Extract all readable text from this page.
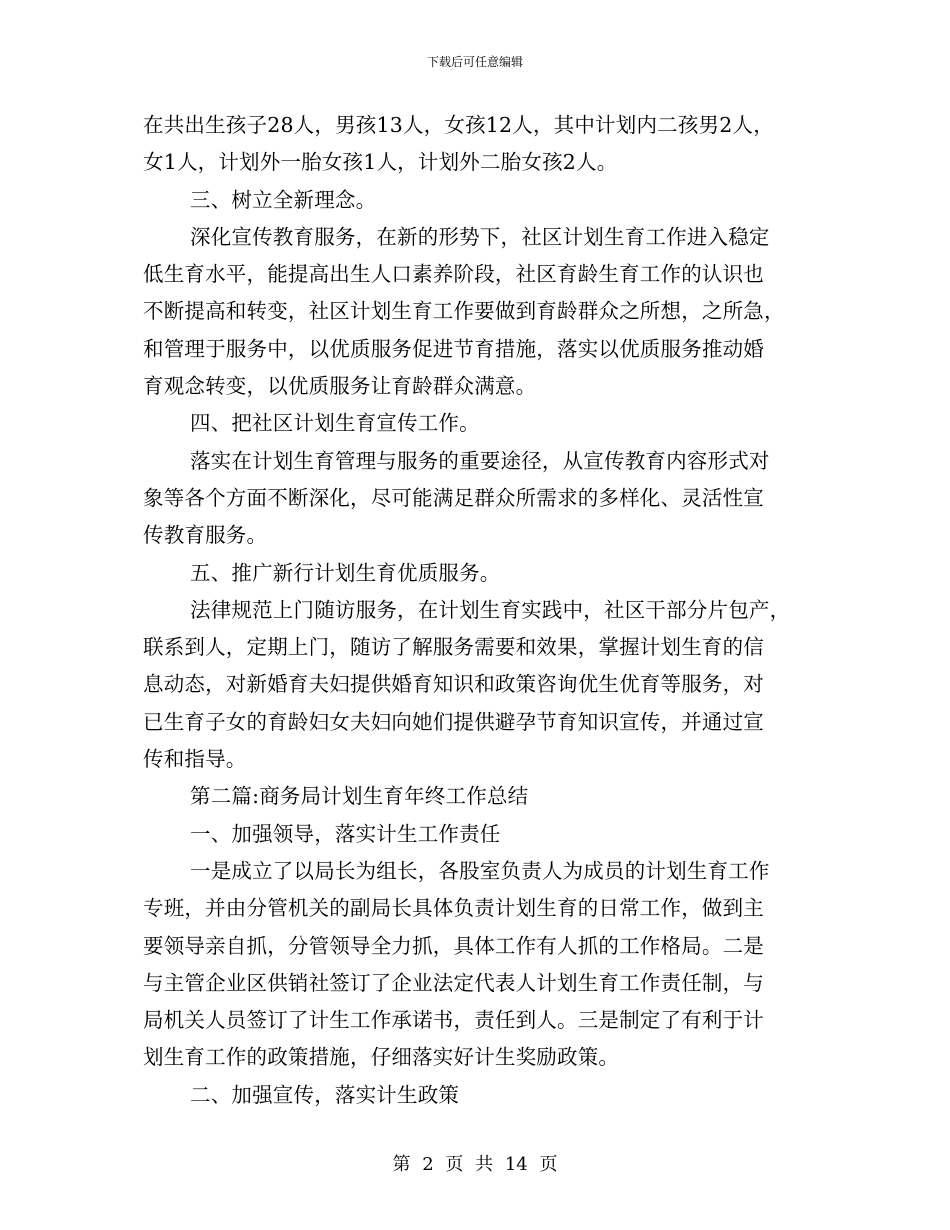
下载后可任意编辑

在共出生孩子28人，男孩13人，女孩12人，其中计划内二孩男2人，

女1人，计划外一胎女孩1人，计划外二胎女孩2人。

三、树立全新理念。

深化宣传教育服务，在新的形势下，社区计划生育工作进入稳定

低生育水平，能提高出生人口素养阶段，社区育龄生育工作的认识也

不断提高和转变，社区计划生育工作要做到育龄群众之所想，之所急，

和管理于服务中，以优质服务促进节育措施，落实以优质服务推动婚

育观念转变，以优质服务让育龄群众满意。

四、把社区计划生育宣传工作。

落实在计划生育管理与服务的重要途径，从宣传教育内容形式对

象等各个方面不断深化，尽可能满足群众所需求的多样化、灵活性宣

传教育服务。

五、推广新行计划生育优质服务。

法律规范上门随访服务，在计划生育实践中，社区干部分片包产，

联系到人，定期上门，随访了解服务需要和效果，掌握计划生育的信

息动态，对新婚育夫妇提供婚育知识和政策咨询优生优育等服务，对

已生育子女的育龄妇女夫妇向她们提供避孕节育知识宣传，并通过宣

传和指导。

第二篇:商务局计划生育年终工作总结

一、加强领导，落实计生工作责任

一是成立了以局长为组长，各股室负责人为成员的计划生育工作

专班，并由分管机关的副局长具体负责计划生育的日常工作，做到主

要领导亲自抓，分管领导全力抓，具体工作有人抓的工作格局。二是

与主管企业区供销社签订了企业法定代表人计划生育工作责任制，与

局机关人员签订了计生工作承诺书，责任到人。三是制定了有利于计

划生育工作的政策措施，仔细落实好计生奖励政策。

二、加强宣传，落实计生政策

第 2 页 共 14 页
